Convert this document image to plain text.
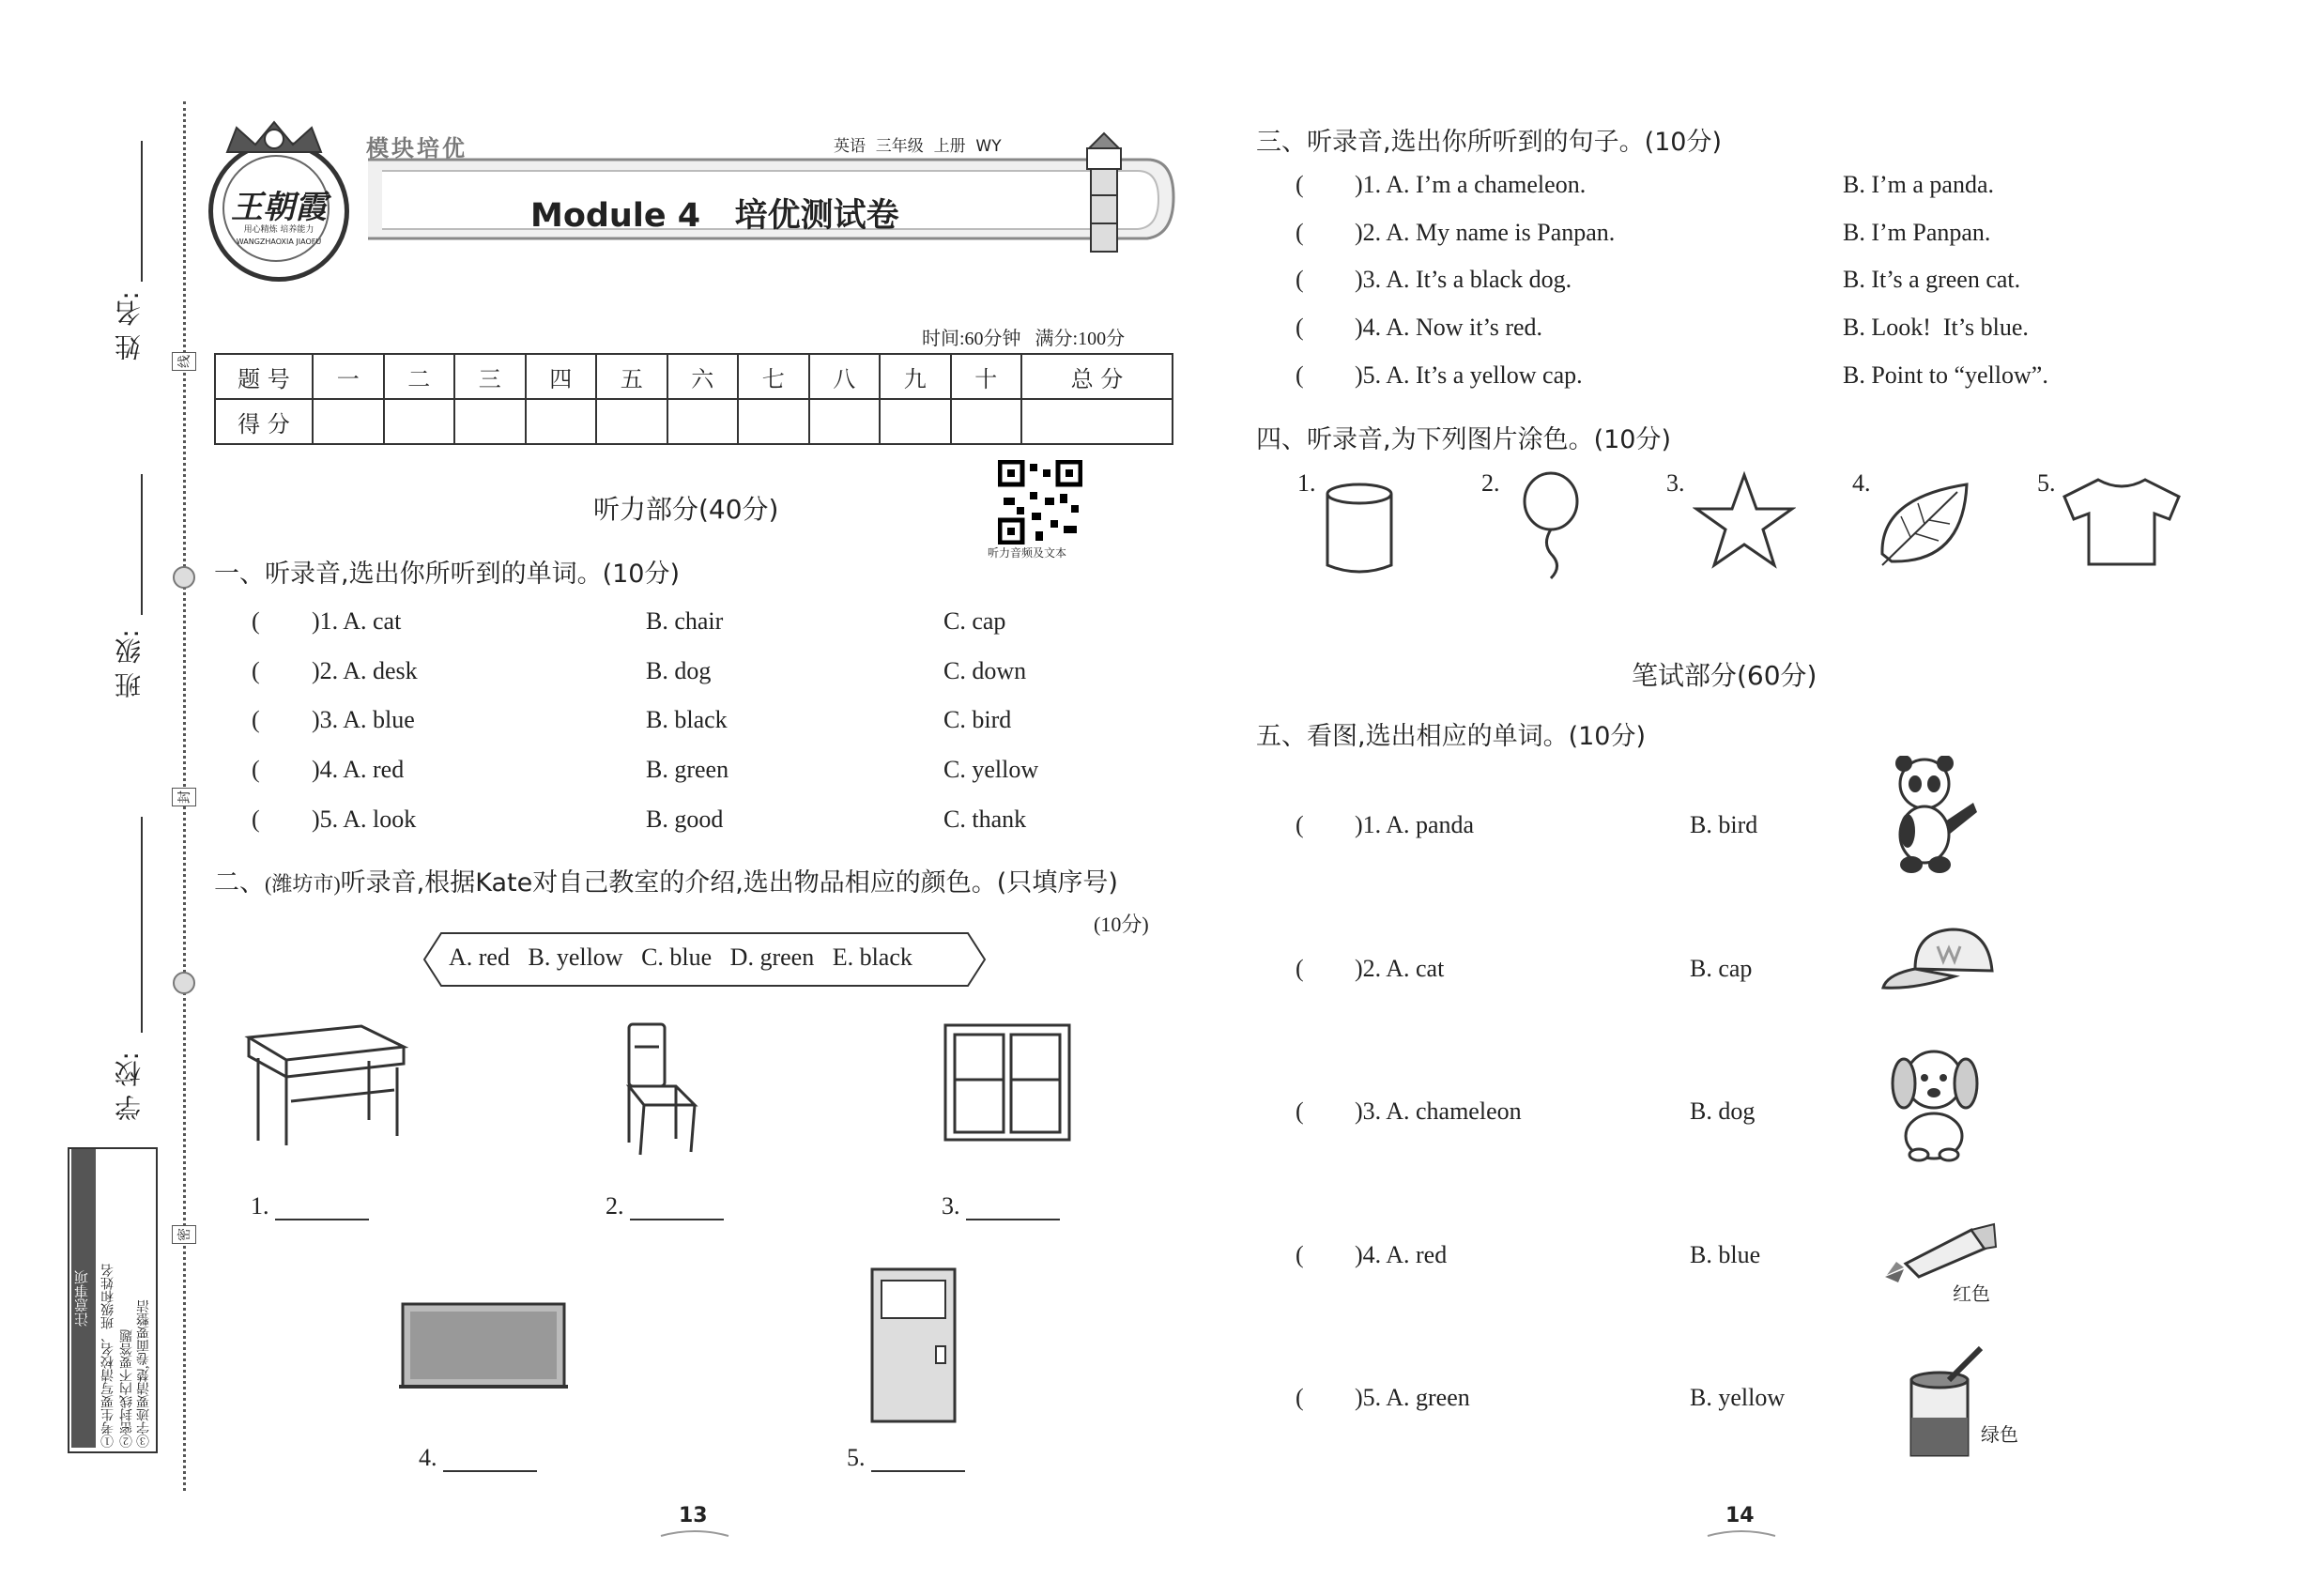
姓 名:
班 级:
学 校:
线
封
密
注意事项 ①考生要写清校名、班级和姓名 ②密封线内不要答题 ③字迹要清楚,卷面要整洁
王朝霞
用心精炼 培养能力
WANGZHAOXIA JIAOFU
模块培优	英语  三年级  上册  WY
Module 4   培优测试卷
时间:60分钟   满分:100分
题 号	一	二	三	四	五	六	七	八	九	十	总 分
得 分											
听力音频及文本
听力部分(40分)
一、听录音,选出你所听到的单词。(10分)
( )1. A. cat	B. chair	C. cap
( )2. A. desk	B. dog	C. down
( )3. A. blue	B. black	C. bird
( )4. A. red	B. green	C. yellow
( )5. A. look	B. good	C. thank
二、(潍坊市)听录音,根据Kate对自己教室的介绍,选出物品相应的颜色。(只填序号)
(10分)
A. red   B. yellow   C. blue   D. green   E. black
1.	2.	3.
4.	5.
13
三、听录音,选出你所听到的句子。(10分)
( )1. A. I’m a chameleon.	B. I’m a panda.
( )2. A. My name is Panpan.	B. I’m Panpan.
( )3. A. It’s a black dog.	B. It’s a green cat.
( )4. A. Now it’s red.	B. Look!  It’s blue.
( )5. A. It’s a yellow cap.	B. Point to “yellow”.
四、听录音,为下列图片涂色。(10分)
1.	2.	3.	4.	5.
笔试部分(60分)
五、看图,选出相应的单词。(10分)
( )1. A. panda	B. bird
( )2. A. cat	B. cap
( )3. A. chameleon	B. dog
( )4. A. red	B. blue
( )5. A. green	B. yellow
红色
绿色
14
